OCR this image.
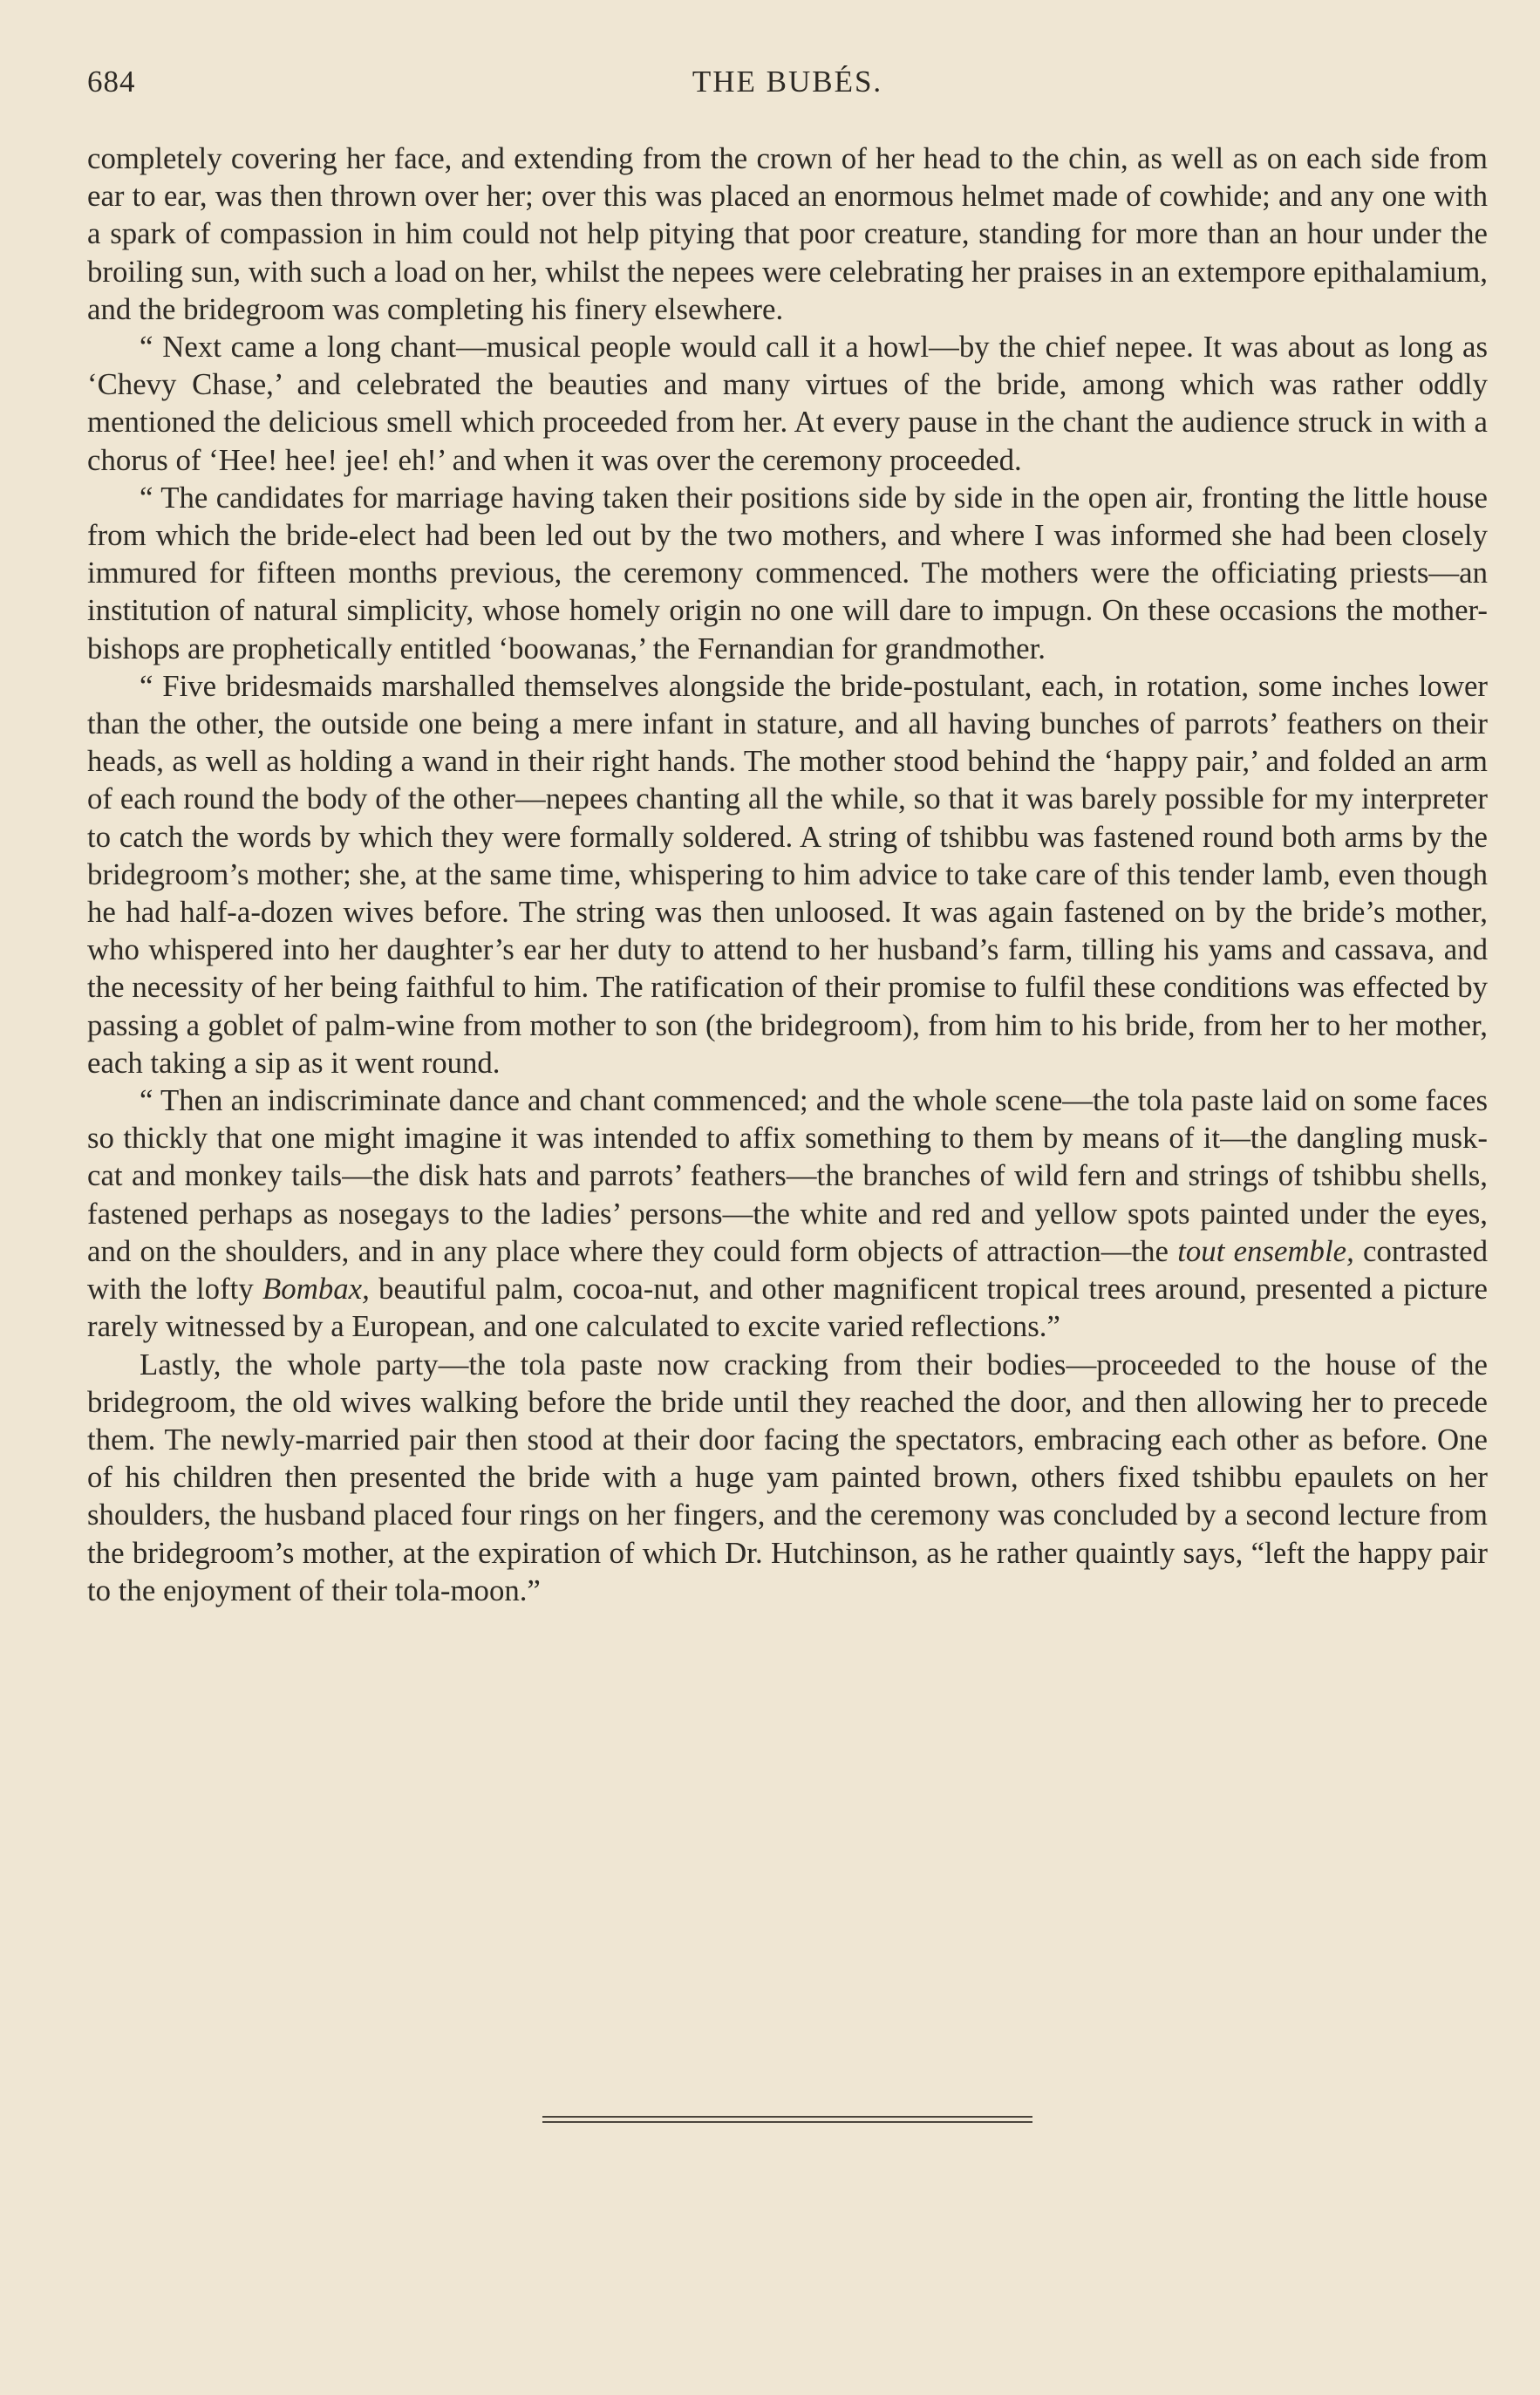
684	THE BUBÉS.

completely covering her face, and extending from the crown of her head to the chin, as well as on each side from ear to ear, was then thrown over her; over this was placed an enormous helmet made of cowhide; and any one with a spark of compassion in him could not help pitying that poor creature, standing for more than an hour under the broiling sun, with such a load on her, whilst the nepees were celebrating her praises in an extempore epithalamium, and the bridegroom was completing his finery elsewhere.

“ Next came a long chant—musical people would call it a howl—by the chief nepee. It was about as long as ‘Chevy Chase,’ and celebrated the beauties and many virtues of the bride, among which was rather oddly mentioned the delicious smell which proceeded from her. At every pause in the chant the audience struck in with a chorus of ‘Hee! hee! jee! eh!’ and when it was over the ceremony proceeded.

“ The candidates for marriage having taken their positions side by side in the open air, fronting the little house from which the bride-elect had been led out by the two mothers, and where I was informed she had been closely immured for fifteen months previous, the ceremony commenced. The mothers were the officiating priests—an institution of natural simplicity, whose homely origin no one will dare to impugn. On these occasions the mother-bishops are prophetically entitled ‘boowanas,’ the Fernandian for grandmother.

“ Five bridesmaids marshalled themselves alongside the bride-postulant, each, in rotation, some inches lower than the other, the outside one being a mere infant in stature, and all having bunches of parrots’ feathers on their heads, as well as holding a wand in their right hands. The mother stood behind the ‘happy pair,’ and folded an arm of each round the body of the other—nepees chanting all the while, so that it was barely possible for my interpreter to catch the words by which they were formally soldered. A string of tshibbu was fastened round both arms by the bridegroom’s mother; she, at the same time, whispering to him advice to take care of this tender lamb, even though he had half-a-dozen wives before. The string was then unloosed. It was again fastened on by the bride’s mother, who whispered into her daughter’s ear her duty to attend to her husband’s farm, tilling his yams and cassava, and the necessity of her being faithful to him. The ratification of their promise to fulfil these conditions was effected by passing a goblet of palm-wine from mother to son (the bridegroom), from him to his bride, from her to her mother, each taking a sip as it went round.

“ Then an indiscriminate dance and chant commenced; and the whole scene—the tola paste laid on some faces so thickly that one might imagine it was intended to affix something to them by means of it—the dangling musk-cat and monkey tails—the disk hats and parrots’ feathers—the branches of wild fern and strings of tshibbu shells, fastened perhaps as nosegays to the ladies’ persons—the white and red and yellow spots painted under the eyes, and on the shoulders, and in any place where they could form objects of attraction—the tout ensemble, contrasted with the lofty Bombax, beautiful palm, cocoa-nut, and other magnificent tropical trees around, presented a picture rarely witnessed by a European, and one calculated to excite varied reflections.”

Lastly, the whole party—the tola paste now cracking from their bodies—proceeded to the house of the bridegroom, the old wives walking before the bride until they reached the door, and then allowing her to precede them. The newly-married pair then stood at their door facing the spectators, embracing each other as before. One of his children then presented the bride with a huge yam painted brown, others fixed tshibbu epaulets on her shoulders, the husband placed four rings on her fingers, and the ceremony was concluded by a second lecture from the bridegroom’s mother, at the expiration of which Dr. Hutchinson, as he rather quaintly says, “left the happy pair to the enjoyment of their tola-moon.”
